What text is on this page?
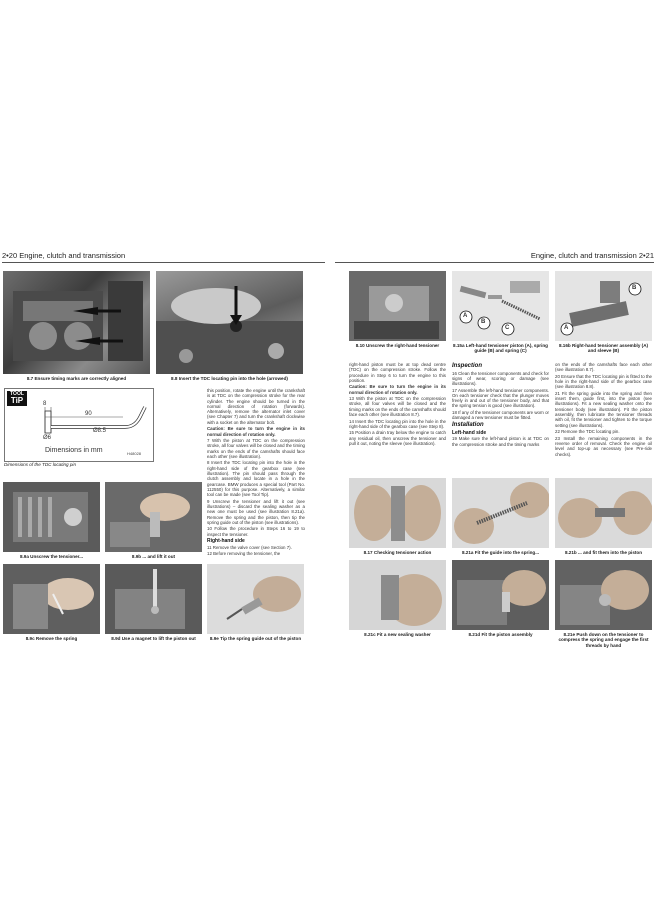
2•20 Engine, clutch and transmission
8.7 Ensure timing marks are correctly aligned	8.8 Insert the TDC locating pin into the hole (arrowed)
TOOL
TiP	8
90
Ø8.5
Ø6
Dimensions in mm	H48028
Dimensions of the TDC locating pin

this position, rotate the engine until the crankshaft is at TDC on the compression stroke for the rear cylinder. The engine should be turned in the normal direction of rotation (forwards). Alternatively, remove the alternator inlet cover (see Chapter 7) and turn the crankshaft clockwise with a socket on the alternator bolt.

Caution: Be sure to turn the engine in its normal direction of rotation only.

7 With the piston at TDC on the compression stroke, all four valves will be closed and the timing marks on the ends of the camshafts should face each other (see illustration).

8 Insert the TDC locating pin into the hole in the right-hand side of the gearbox case (see illustration). The pin should pass through the clutch assembly and locate in a hole in the gearcase. BMW produces a special tool (Part No. 112550) for this purpose. Alternatively, a similar tool can be made (see Tool Tip).

9 Unscrew the tensioner and lift it out (see illustrations) – discard the sealing washer as a new one must be used (see illustration 8.21a). Remove the spring and the piston, then tip the spring guide out of the piston (see illustrations).

10 Follow the procedure in Steps 16 to 19 to inspect the tensioner.

Right-hand side

11 Remove the valve cover (see Section 7).

12 Before removing the tensioner, the

8.9a Unscrew the tensioner...	8.9b ... and lift it out
8.9c Remove the spring	8.9d Use a magnet to lift the piston out	8.9e Tip the spring guide out of the piston
Engine, clutch and transmission 2•21
8.10 Unscrew the right-hand tensioner
A
B
C
8.15a Left-hand tensioner piston (A), spring guide (B) and spring (C)
B
A
8.16b Right-hand tensioner assembly (A) and sleeve (B)

right-hand piston must be at top dead centre (TDC) on the compression stroke. Follow the procedure in Step 6 to turn the engine to this position.

Caution: Be sure to turn the engine in its normal direction of rotation only.

13 With the piston at TDC on the compression stroke, all four valves will be closed and the timing marks on the ends of the camshafts should face each other (see illustration 8.7).

14 Insert the TDC locating pin into the hole in the right-hand side of the gearbox case (see Step 8).

15 Position a drain tray below the engine to catch any residual oil, then unscrew the tensioner and pull it out, noting the sleeve (see illustration).

Inspection

16 Clean the tensioner components and check for signs of wear, scoring or damage (see illustrations).

17 Assemble the left-hand tensioner components. On each tensioner check that the plunger moves freely in and out of the tensioner body, and that the spring tension is good (see illustration).

18 If any of the tensioner components are worn or damaged a new tensioner must be fitted.

Installation
Left-hand side

19 Make sure the left-hand piston is at TDC on the compression stroke and the timing marks

on the ends of the camshafts face each other (see illustration 8.7).

20 Ensure that the TDC locating pin is fitted to the hole in the right-hand side of the gearbox case (see illustration 8.8).

21 Fit the spring guide into the spring and then insert them, guide first, into the piston (see illustrations). Fit a new sealing washer onto the tensioner body (see illustration). Fit the piston assembly, then lubricate the tensioner threads with oil, fit the tensioner and tighten to the torque setting (see illustrations).

22 Remove the TDC locating pin.

23 Install the remaining components in the reverse order of removal. Check the engine oil level and top-up as necessary (see Pre-ride checks).

8.17 Checking tensioner action	8.21a Fit the guide into the spring...	8.21b ... and fit them into the piston
8.21c Fit a new sealing washer	8.21d Fit the piston assembly	8.21e Push down on the tensioner to compress the spring and engage the first threads by hand
